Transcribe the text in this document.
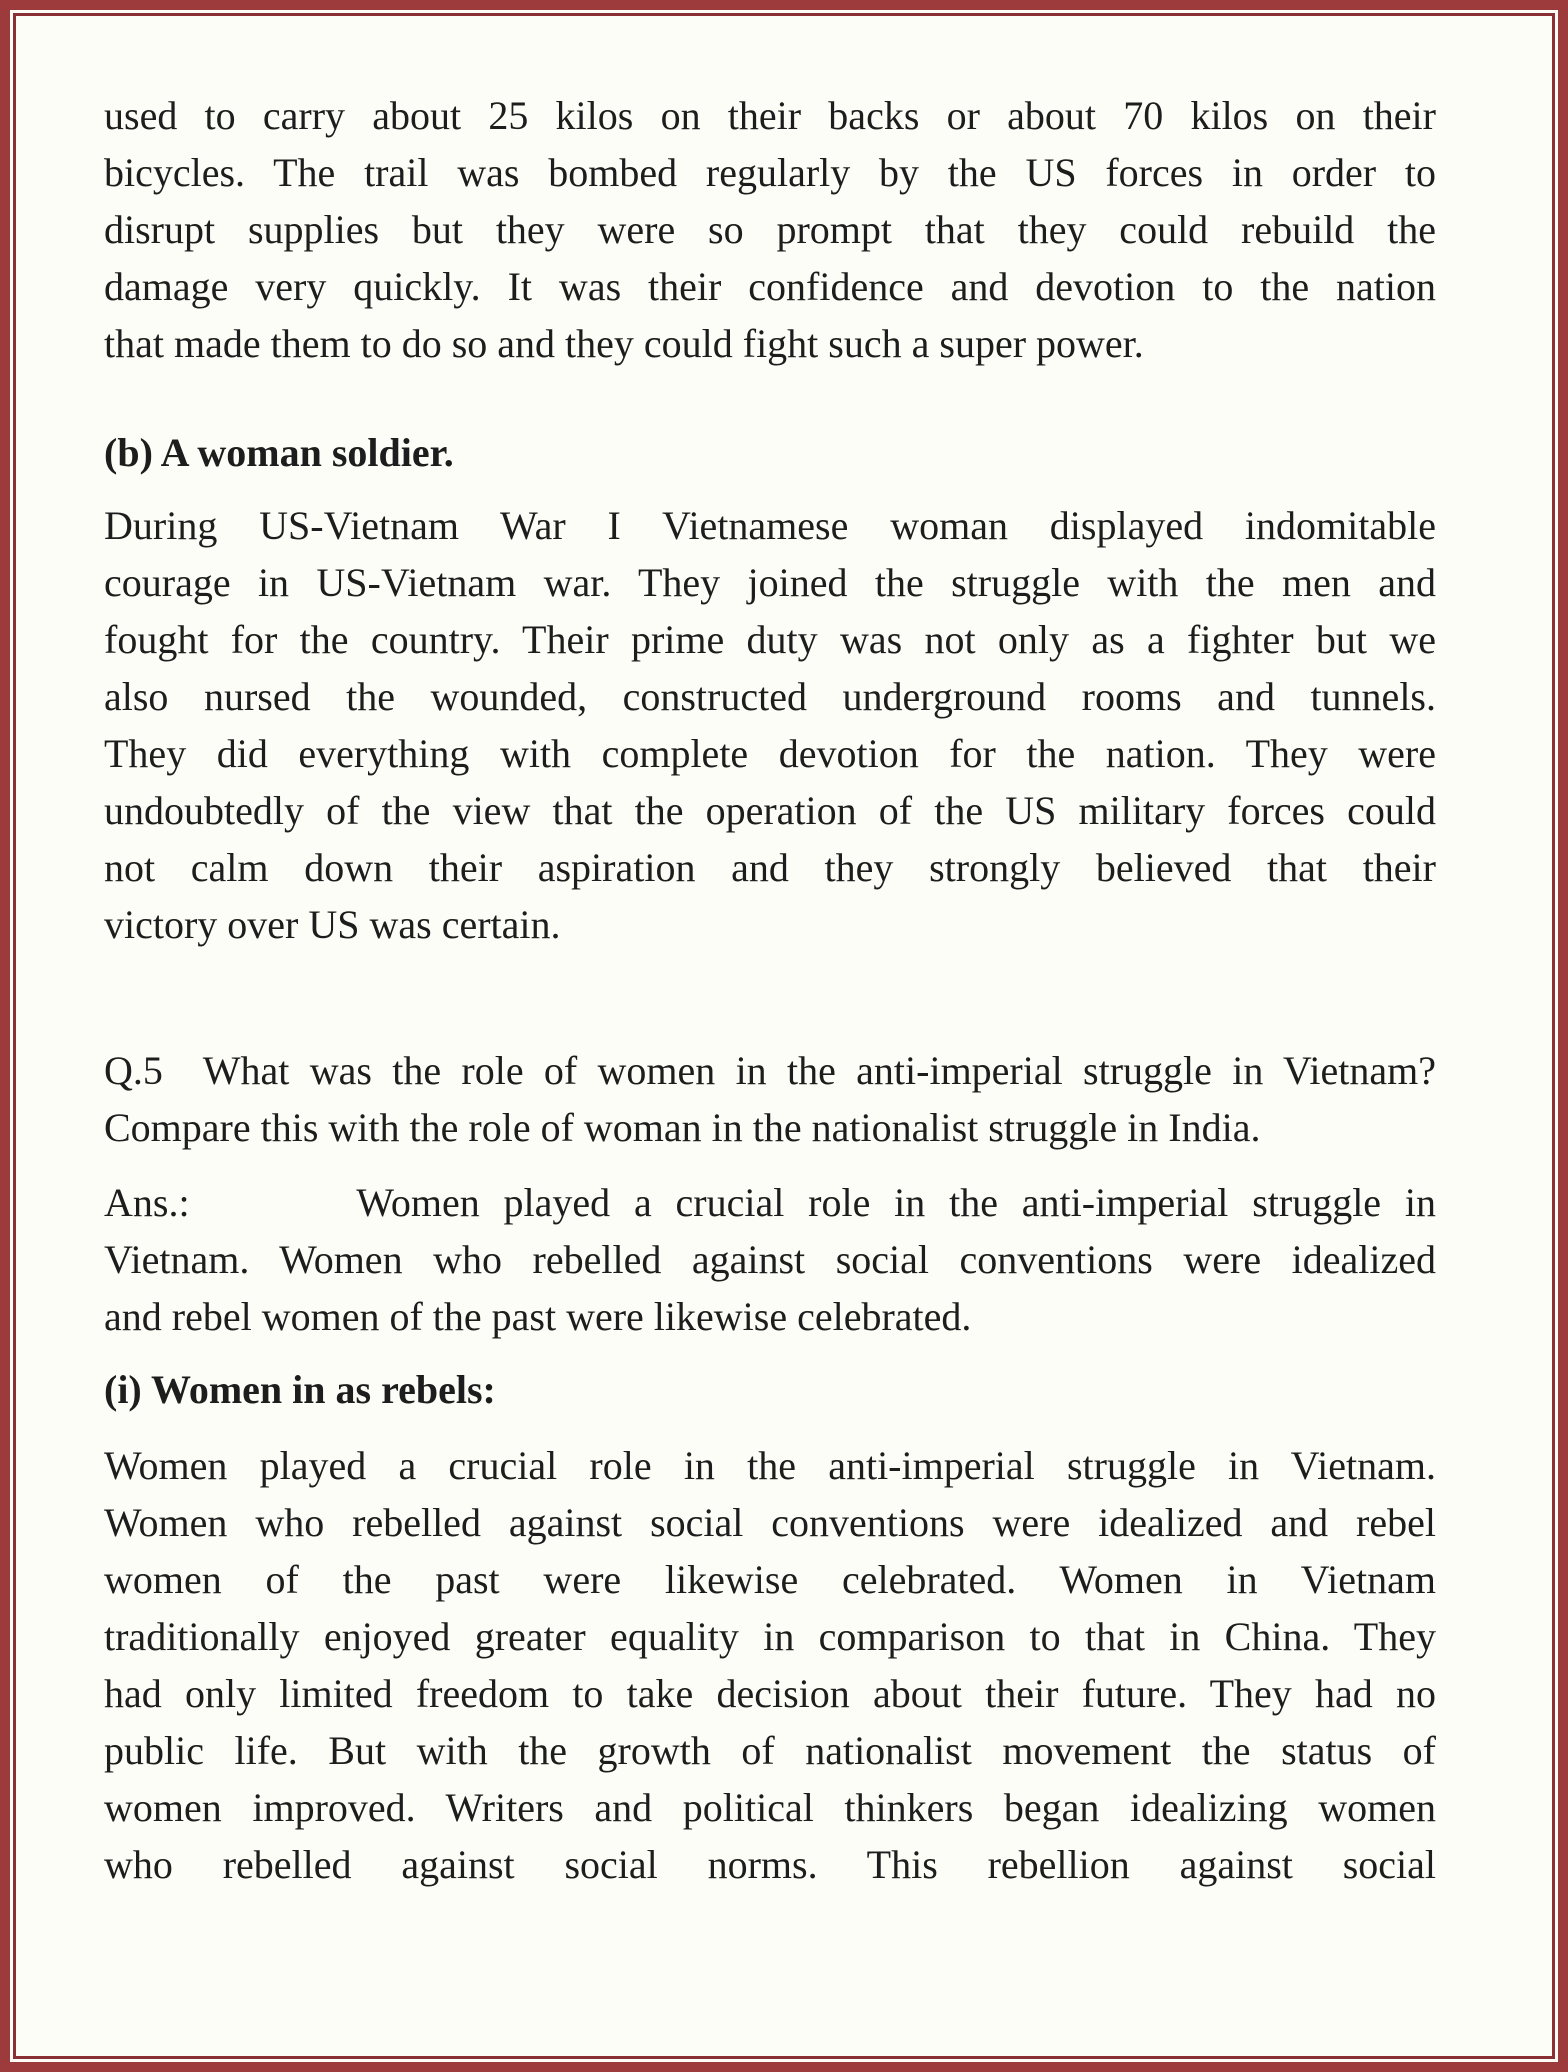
used to carry about 25 kilos on their backs or about 70 kilos on their
bicycles. The trail was bombed regularly by the US forces in order to
disrupt supplies but they were so prompt that they could rebuild the
damage very quickly. It was their confidence and devotion to the nation
that made them to do so and they could fight such a super power.
(b) A woman soldier.
During US-Vietnam War I Vietnamese woman displayed indomitable
courage in US-Vietnam war. They joined the struggle with the men and
fought for the country. Their prime duty was not only as a fighter but we
also nursed the wounded, constructed underground rooms and tunnels.
They did everything with complete devotion for the nation. They were
undoubtedly of the view that the operation of the US military forces could
not calm down their aspiration and they strongly believed that their
victory over US was certain.
Q.5  What was the role of women in the anti-imperial struggle in Vietnam?
Compare this with the role of woman in the nationalist struggle in India.
Ans.:       Women played a crucial role in the anti-imperial struggle in
Vietnam. Women who rebelled against social conventions were idealized
and rebel women of the past were likewise celebrated.
(i) Women in as rebels:
Women played a crucial role in the anti-imperial struggle in Vietnam.
Women who rebelled against social conventions were idealized and rebel
women of the past were likewise celebrated. Women in Vietnam
traditionally enjoyed greater equality in comparison to that in China. They
had only limited freedom to take decision about their future. They had no
public life. But with the growth of nationalist movement the status of
women improved. Writers and political thinkers began idealizing women
who rebelled against social norms. This rebellion against social
